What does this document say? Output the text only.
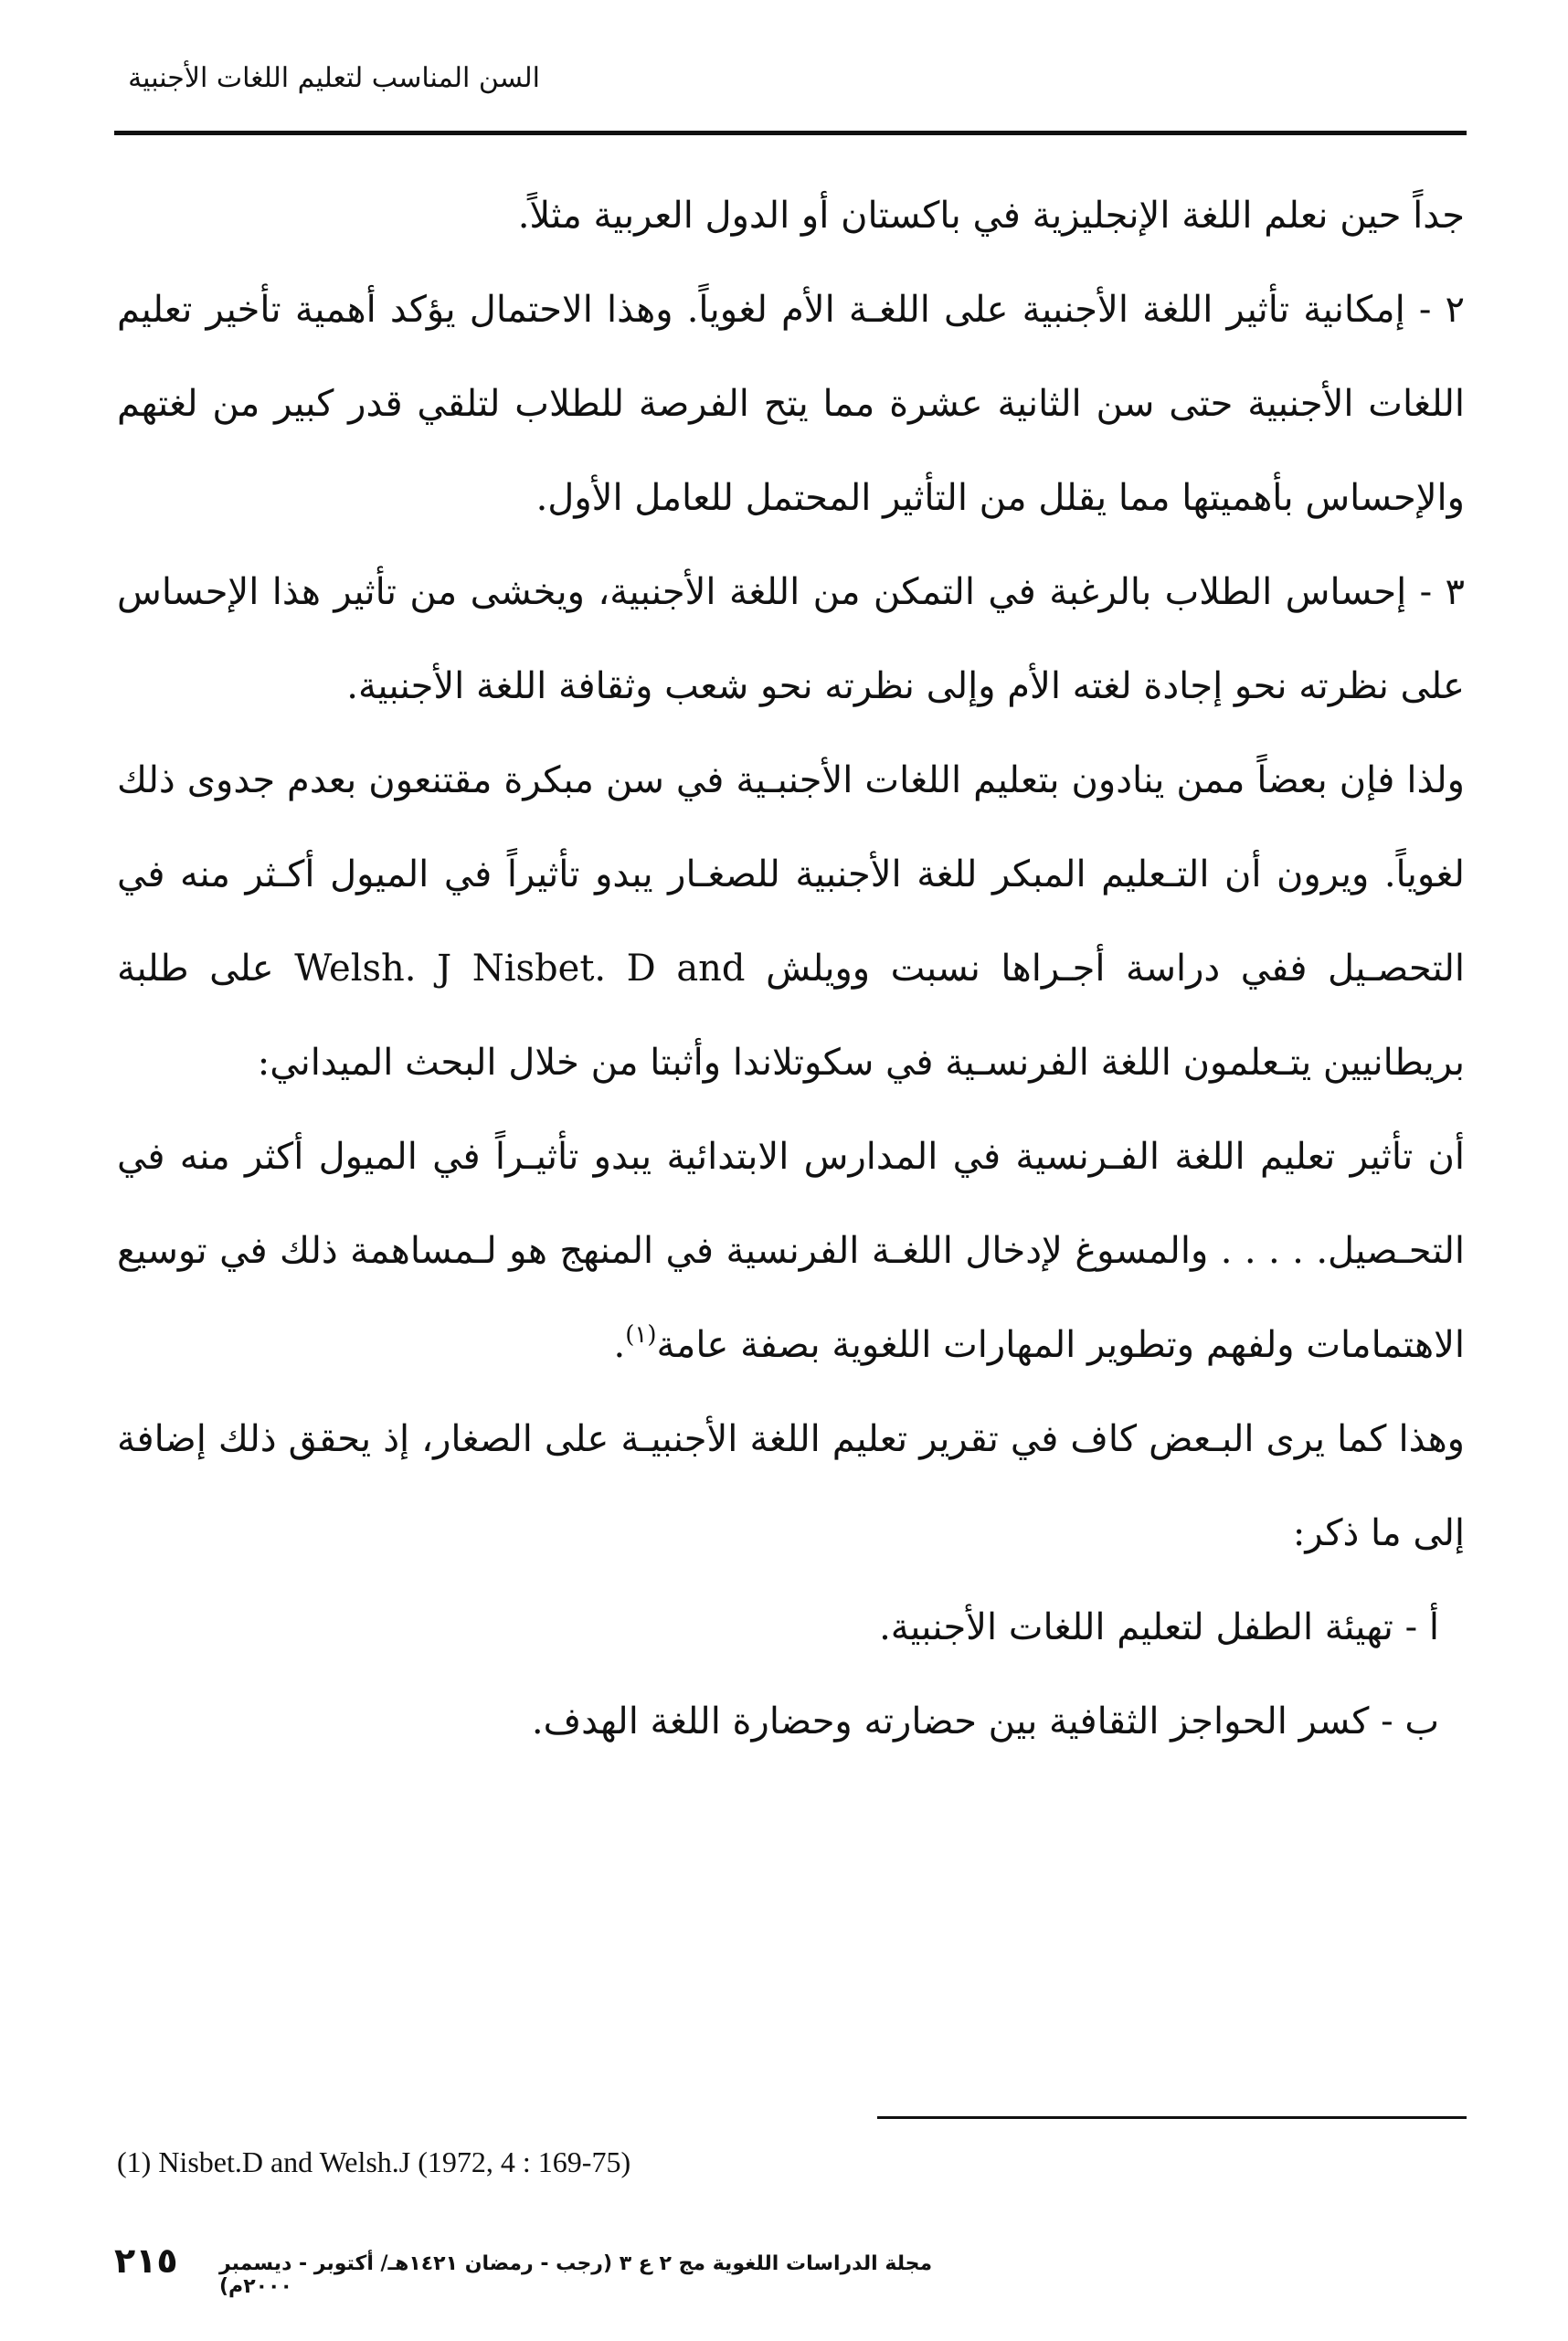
السن المناسب لتعليم اللغات الأجنبية

جداً حين نعلم اللغة الإنجليزية في باكستان أو الدول العربية مثلاً.

٢ - إمكانية تأثير اللغة الأجنبية على اللغـة الأم لغوياً. وهذا الاحتمال يؤكد أهمية تأخير تعليم اللغات الأجنبية حتى سن الثانية عشرة مما يتح الفرصة للطلاب لتلقي قدر كبير من لغتهم والإحساس بأهميتها مما يقلل من التأثير المحتمل للعامل الأول.

٣ - إحساس الطلاب بالرغبة في التمكن من اللغة الأجنبية، ويخشى من تأثير هذا الإحساس على نظرته نحو إجادة لغته الأم وإلى نظرته نحو شعب وثقافة اللغة الأجنبية.

ولذا فإن بعضاً ممن ينادون بتعليم اللغات الأجنبـية في سن مبكرة مقتنعون بعدم جدوى ذلك لغوياً. ويرون أن التـعليم المبكر للغة الأجنبية للصغـار يبدو تأثيراً في الميول أكـثر منه في التحصـيل ففي دراسة أجـراها نسبت وويلش Nisbet. D and Welsh. J على طلبة بريطانيين يتـعلمون اللغة الفرنسـية في سكوتلاندا وأثبتا من خلال البحث الميداني:

أن تأثير تعليم اللغة الفـرنسية في المدارس الابتدائية يبدو تأثيـراً في الميول أكثر منه في التحـصيل. . . . . والمسوغ لإدخال اللغـة الفرنسية في المنهج هو لـمساهمة ذلك في توسيع الاهتمامات ولفهم وتطوير المهارات اللغوية بصفة عامة$^{(١)}$.

وهذا كما يرى البـعض كاف في تقرير تعليم اللغة الأجنبيـة على الصغار، إذ يحقق ذلك إضافة إلى ما ذكر:

أ - تهيئة الطفل لتعليم اللغات الأجنبية.

ب - كسر الحواجز الثقافية بين حضارته وحضارة اللغة الهدف.

(1) Nisbet.D and Welsh.J (1972, 4 : 169-75)
٢١٥ مجلة الدراسات اللغوية مج ٢ ع ٣ (رجب - رمضان ١٤٢١هـ/ أكتوبر - ديسمبر ٢٠٠٠م)
